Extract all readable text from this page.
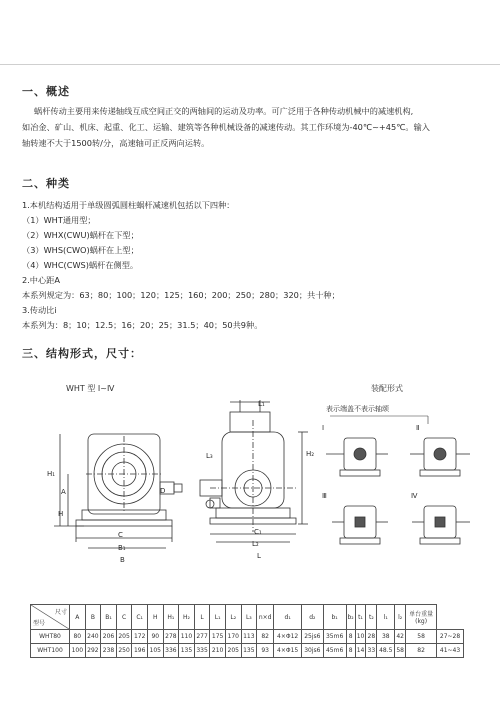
一、概述
蜗杆传动主要用来传递轴线互成空间正交的两轴间的运动及功率。可广泛用于各种传动机械中的减速机构,
如冶金、矿山、机床、起重、化工、运输、建筑等各种机械设备的减速传动。其工作环境为-40℃~+45℃。输入
轴转速不大于1500转/分，高速轴可正反两向运转。
二、种类
1.本机结构适用于单级圆弧圆柱蜗杆减速机包括以下四种：
（1）WHT通用型；
（2）WHX(CWU)蜗杆在下型；
（3）WHS(CWO)蜗杆在上型；
（4）WHC(CWS)蜗杆在侧型。
2.中心距A
本系列规定为：63；80；100；120；125；160；200；250；280；320；共十种；
3.传动比i
本系列为：8；10；12.5；16；20；25；31.5；40；50共9种。
三、结构形式，尺寸：
WHT 型 Ⅰ~Ⅳ	装配形式
H₁
H
A	D
C
B₁
B
L₁
H₂
C₁
L₂
L
L₃
表示端盖不表示轴颂
Ⅰ	Ⅱ
Ⅲ	Ⅳ
尺寸
型号	A	B	B₁	C	C₁	H	H₁	H₂	L	L₁	L₂	L₃	n×d	d₁	d₂	b₁	b₂	t₁	t₂	l₁	l₂	单台重量(kg)	
WHT80	80	240	206	205	172	90	278	110	277	175	170	113	82	4×Φ12	25js6	35m6	8	10	28	38	42	58	27~28
WHT100	100	292	238	250	196	105	336	135	335	210	205	135	93	4×Φ15	30js6	45m6	8	14	33	48.5	58	82	41~43
